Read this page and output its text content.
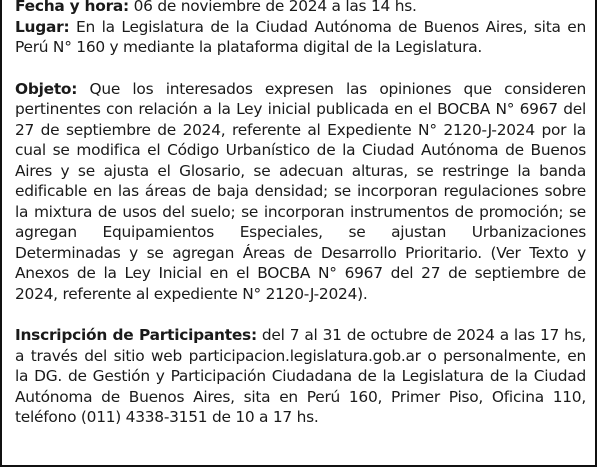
Fecha y hora: 06 de noviembre de 2024 a las 14 hs.

Lugar: En la Legislatura de la Ciudad Autónoma de Buenos Aires, sita en Perú N° 160 y mediante la plataforma digital de la Legislatura.

Objeto: Que los interesados expresen las opiniones que consideren pertinentes con relación a la Ley inicial publicada en el BOCBA N° 6967 del 27 de septiembre de 2024, referente al Expediente N° 2120-J-2024 por la cual se modifica el Código Urbanístico de la Ciudad Autónoma de Buenos Aires y se ajusta el Glosario, se adecuan alturas, se restringe la banda edificable en las áreas de baja densidad; se incorporan regulaciones sobre la mixtura de usos del suelo; se incorporan instrumentos de promoción; se agregan Equipamientos Especiales, se ajustan Urbanizaciones Determinadas y se agregan Áreas de Desarrollo Prioritario. (Ver Texto y Anexos de la Ley Inicial en el BOCBA N° 6967 del 27 de septiembre de 2024, referente al expediente N° 2120-J-2024).

Inscripción de Participantes: del 7 al 31 de octubre de 2024 a las 17 hs, a través del sitio web participacion.legislatura.gob.ar o personalmente, en la DG. de Gestión y Participación Ciudadana de la Legislatura de la Ciudad Autónoma de Buenos Aires, sita en Perú 160, Primer Piso, Oficina 110, teléfono (011) 4338-3151 de 10 a 17 hs.
